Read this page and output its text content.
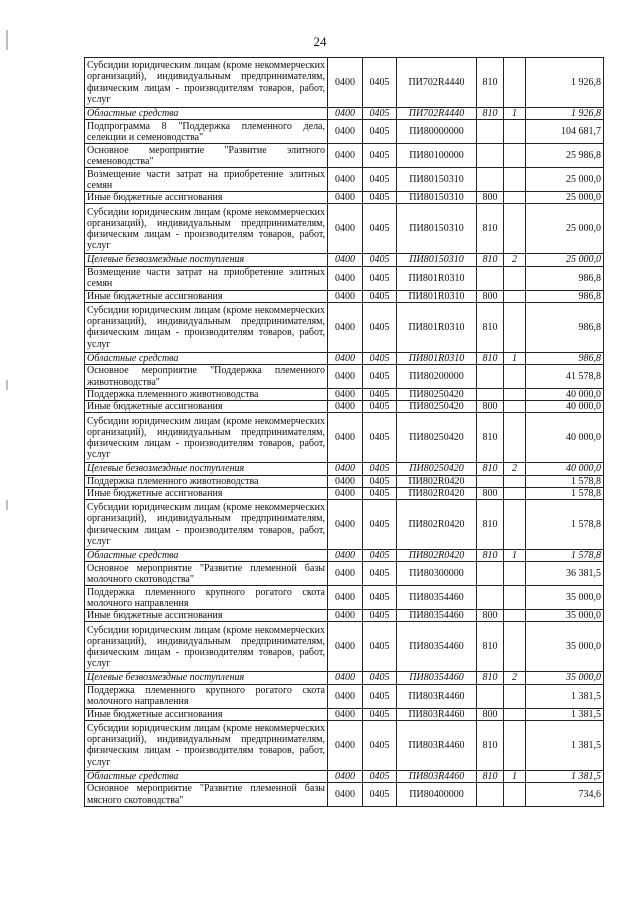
24
Субсидии юридическим лицам (кроме некоммерческих организаций), индивидуальным предпринимателям, физическим лицам - производителям товаров, работ, услуг	0400	0405	ПИ702R4440	810		1 926,8
Областные средства	0400	0405	ПИ702R4440	810	1	1 926,8
Подпрограмма 8 "Поддержка племенного дела, селекции и семеноводства"	0400	0405	ПИ80000000			104 681,7
Основное мероприятие "Развитие элитного семеноводства"	0400	0405	ПИ80100000			25 986,8
Возмещение части затрат на приобретение элитных семян	0400	0405	ПИ80150310			25 000,0
Иные бюджетные ассигнования	0400	0405	ПИ80150310	800		25 000,0
Субсидии юридическим лицам (кроме некоммерческих организаций), индивидуальным предпринимателям, физическим лицам - производителям товаров, работ, услуг	0400	0405	ПИ80150310	810		25 000,0
Целевые безвозмездные поступления	0400	0405	ПИ80150310	810	2	25 000,0
Возмещение части затрат на приобретение элитных семян	0400	0405	ПИ801R0310			986,8
Иные бюджетные ассигнования	0400	0405	ПИ801R0310	800		986,8
Субсидии юридическим лицам (кроме некоммерческих организаций), индивидуальным предпринимателям, физическим лицам - производителям товаров, работ, услуг	0400	0405	ПИ801R0310	810		986,8
Областные средства	0400	0405	ПИ801R0310	810	1	986,8
Основное мероприятие "Поддержка племенного животноводства"	0400	0405	ПИ80200000			41 578,8
Поддержка племенного животноводства	0400	0405	ПИ80250420			40 000,0
Иные бюджетные ассигнования	0400	0405	ПИ80250420	800		40 000,0
Субсидии юридическим лицам (кроме некоммерческих организаций), индивидуальным предпринимателям, физическим лицам - производителям товаров, работ, услуг	0400	0405	ПИ80250420	810		40 000,0
Целевые безвозмездные поступления	0400	0405	ПИ80250420	810	2	40 000,0
Поддержка племенного животноводства	0400	0405	ПИ802R0420			1 578,8
Иные бюджетные ассигнования	0400	0405	ПИ802R0420	800		1 578,8
Субсидии юридическим лицам (кроме некоммерческих организаций), индивидуальным предпринимателям, физическим лицам - производителям товаров, работ, услуг	0400	0405	ПИ802R0420	810		1 578,8
Областные средства	0400	0405	ПИ802R0420	810	1	1 578,8
Основное мероприятие "Развитие племенной базы молочного скотоводства"	0400	0405	ПИ80300000			36 381,5
Поддержка племенного крупного рогатого скота молочного направления	0400	0405	ПИ80354460			35 000,0
Иные бюджетные ассигнования	0400	0405	ПИ80354460	800		35 000,0
Субсидии юридическим лицам (кроме некоммерческих организаций), индивидуальным предпринимателям, физическим лицам - производителям товаров, работ, услуг	0400	0405	ПИ80354460	810		35 000,0
Целевые безвозмездные поступления	0400	0405	ПИ80354460	810	2	35 000,0
Поддержка племенного крупного рогатого скота молочного направления	0400	0405	ПИ803R4460			1 381,5
Иные бюджетные ассигнования	0400	0405	ПИ803R4460	800		1 381,5
Субсидии юридическим лицам (кроме некоммерческих организаций), индивидуальным предпринимателям, физическим лицам - производителям товаров, работ, услуг	0400	0405	ПИ803R4460	810		1 381,5
Областные средства	0400	0405	ПИ803R4460	810	1	1 381,5
Основное мероприятие "Развитие племенной базы мясного скотоводства"	0400	0405	ПИ80400000			734,6
